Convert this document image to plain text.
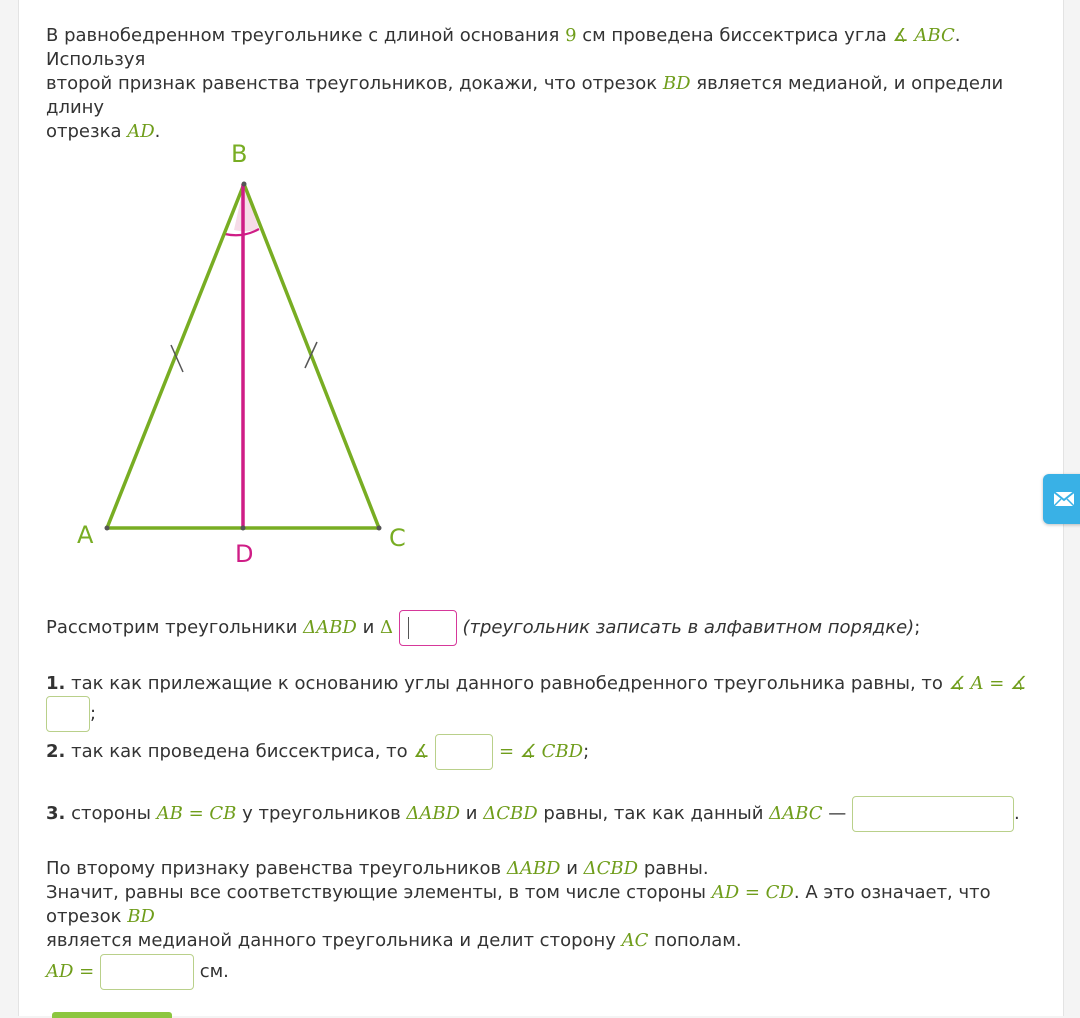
В равнобедренном треугольнике с длиной основания 9 см проведена биссектриса угла ∡ ABC. Используя
второй признак равенства треугольников, докажи, что отрезок BD является медианой, и определи длину
отрезка AD.
B
A	C
D
Рассмотрим треугольники ΔABD и Δ	(треугольник записать в алфавитном порядке);
1. так как прилежащие к основанию углы данного равнобедренного треугольника равны, то ∡ A = ∡ ;
2. так как проведена биссектриса, то ∡	= ∡ CBD;
3. стороны AB = CB у треугольников ΔABD и ΔCBD равны, так как данный ΔABC —	.
По второму признаку равенства треугольников ΔABD и ΔCBD равны.
Значит, равны все соответствующие элементы, в том числе стороны AD = CD. А это означает, что отрезок BD
является медианой данного треугольника и делит сторону AC пополам.
AD =	см.
